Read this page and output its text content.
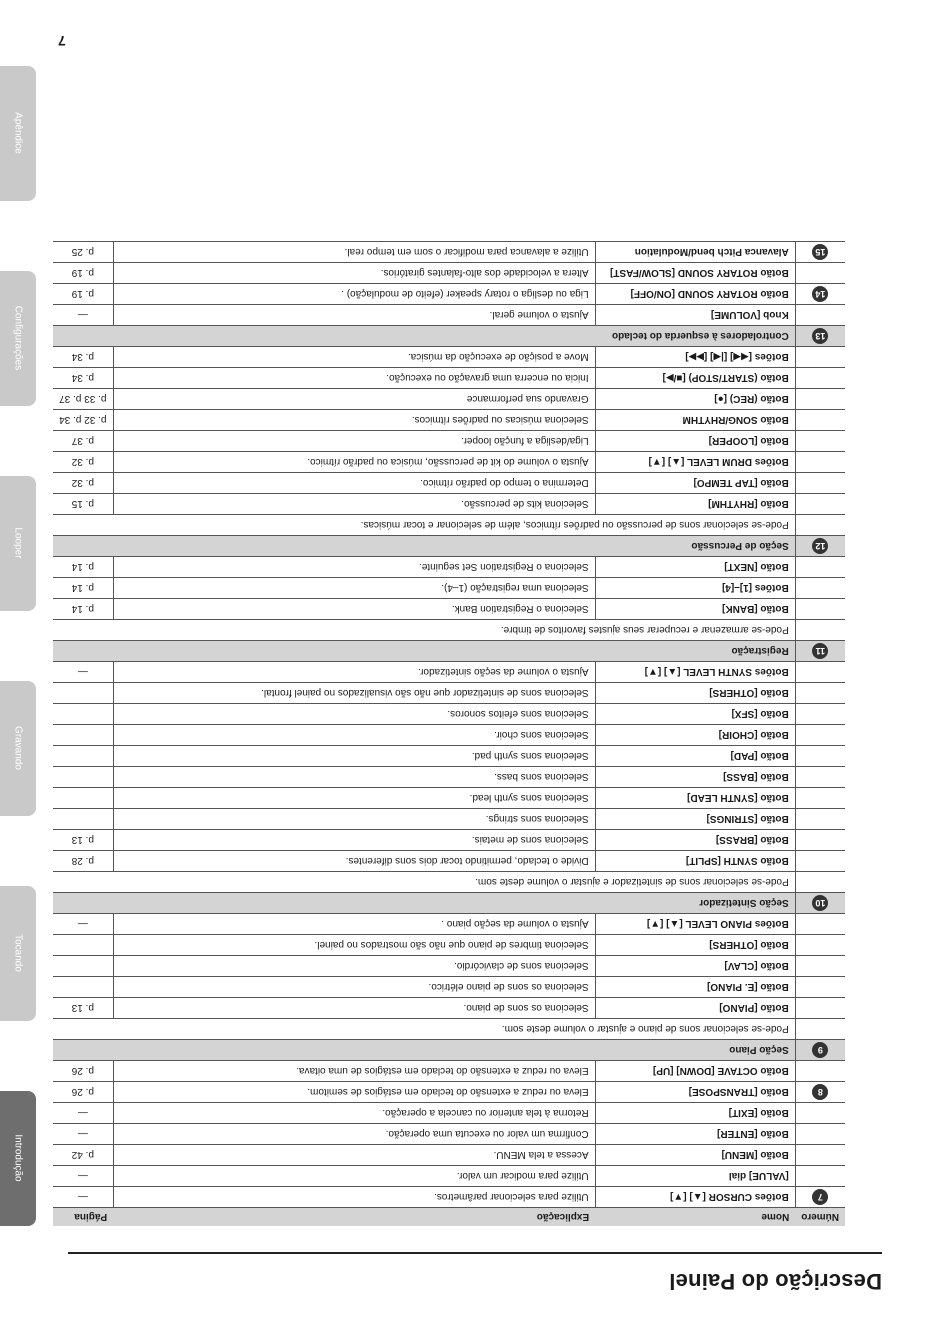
Descrição do Painel
Introdução
Tocando
Gravando
Looper
Configurações
Apêndice
Número	Nome	Explicação	Página
7	Botões CURSOR [▲] [▼]	Utilize para selecionar parâmetros.	—
	[VALUE] dial	Utilize para modicar um valor.	—
	Botão [MENU]	Acessa a tela MENU.	p. 42
	Botão [ENTER]	Confirma um valor ou executa uma operação.	—
	Botão [EXIT]	Retorna à tela anterior ou cancela a operação.	—
8	Botão [TRANSPOSE]	Eleva ou reduz a extensão do teclado em estágios de semitom.	p. 26
	Botão OCTAVE [DOWN] [UP]	Eleva ou reduz a extensão do teclado em estágios de uma oitava.	p. 26
9	Seção Piano		
	Pode-se selecionar sons de piano e ajustar o volume deste som.		
	Botão [PIANO]	Seleciona os sons de piano.	p. 13
	Botão [E. PIANO]	Seleciona os sons de piano elétrico.	
	Botão [CLAV]	Seleciona sons de clavicórdio.	
	Botão [OTHERS]	Seleciona timbres de piano que não são mostrados no painel.	
	Botões PIANO LEVEL [▲] [▼]	Ajusta o volume da seção piano .	—
10	Seção Sintetizador		
	Pode-se selecionar sons de sintetizador e ajustar o volume deste som.		
	Botão SYNTH [SPLIT]	Divide o teclado, permitindo tocar dois sons diferentes.	p. 28
	Botão [BRASS]	Seleciona sons de metais.	p. 13
	Botão [STRINGS]	Seleciona sons strings.	
	Botão [SYNTH LEAD]	Seleciona sons synth lead.	
	Botão [BASS]	Seleciona sons bass.	
	Botão [PAD]	Seleciona sons synth pad.	
	Botão [CHOIR]	Seleciona sons choir.	
	Botão [SFX]	Seleciona sons efeitos sonoros.	
	Botão [OTHERS]	Seleciona sons de sintetizador que não são visualizados no painel frontal.	
	Botões SYNTH LEVEL [▲] [▼]	Ajusta o volume da seção sintetizador.	—
11	Registração		
	Pode-se armazenar e recuperar seus ajustes favoritos de timbre.		
	Botão [BANK]	Seleciona o Registration Bank.	p. 14
	Botões [1]–[4]	Seleciona uma registração (1–4).	p. 14
	Botão [NEXT]	Seleciona o Registration Set seguinte.	p. 14
12	Seção de Percussão		
	Pode-se selecionar sons de percussão ou padrões rítmicos, além de selecionar e tocar músicas.		
	Botão [RHYTHM]	Seleciona kits de percussão.	p. 15
	Botão [TAP TEMPO]	Determina o tempo do padrão rítmico.	p. 32
	Botões DRUM LEVEL [▲] [▼]	Ajusta o volume do kit de percussão, música ou padrão rítmico.	p. 32
	Botão [LOOPER]	Liga/desliga a função looper.	p. 37
	Botão SONG/RHYTHM	Seleciona músicas ou padrões rítmicos.	p. 32 p. 34
	Botão (REC) [●]	Gravando sua performance	p. 33 p. 37
	Botão (START/STOP) [■/▶]	Inicia ou encerra uma gravação ou execução.	p. 34
	Botões [◀◀] [|◀] [▶▶]	Move a posição de execução da música.	p. 34
13	Controladores à esquerda do teclado		
	Knob [VOLUME]	Ajusta o volume geral.	—
14	Botão ROTARY SOUND [ON/OFF]	Liga ou desliga o rotary speaker (efeito de modulação) .	p. 19
	Botão ROTARY SOUND [SLOW/FAST]	Altera a velocidade dos alto-falantes giratórios.	p. 19
15	Alavanca Pitch bend/Modulation	Utilize a alavanca para modificar o som em tempo real.	p. 25
7
